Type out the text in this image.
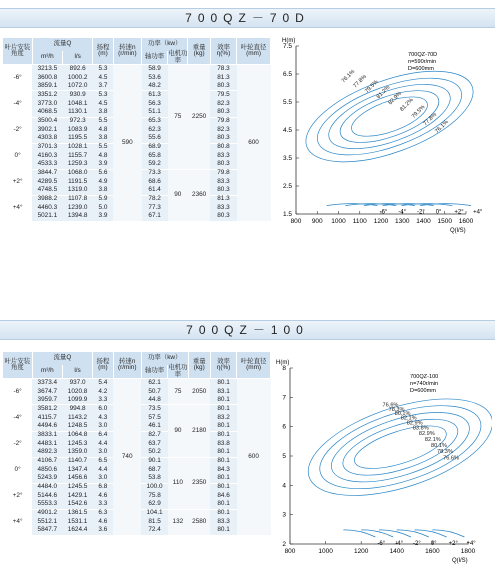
700QZ－70D
叶片安装角度	流量Q		扬程(m)	转速n (r/min)	功率（kw）		重量(kg)	效率η(%)	叶轮直径(mm)
	m³/h	l/s			轴功率	电机功率			
-6°	3213.5	892.6	5.3	590	58.9	75	2250	78.3	600
	3600.8	1000.2	4.5		53.6			81.3	
	3859.1	1072.0	3.7		48.2			80.3	
-4°	3351.2	930.9	5.3		61.3			79.5	
	3773.0	1048.1	4.5		56.3			82.3	
	4068.5	1130.1	3.8		51.1			80.3	
-2°	3500.4	972.3	5.5		65.3			79.8	
	3902.1	1083.9	4.8		62.3			82.3	
	4303.8	1195.5	3.8		55.6			80.3	
0°	3701.3	1028.1	5.5		68.9			80.8	
	4160.3	1155.7	4.8		65.8			83.3	
	4533.3	1259.3	3.9		59.2			80.3	
+2°	3844.7	1068.0	5.6		73.3	90	2360	79.8	
	4289.5	1191.5	4.9		68.6			83.3	
	4748.5	1319.0	3.8		61.4			80.3	
+4°	3988.2	1107.8	5.9		78.2			81.3	
	4460.3	1239.0	5.0		77.3			83.3	
	5021.1	1394.8	3.9		67.1			80.3	
H(m)
Q(l/S)
7.5
6.5
5.5
4.5
3.5
2.5
1.5
800 900 1000 1100 1200 1300 1400 1500 1600
700QZ-70D
n=590r/min
D=600mm
-6° -4° -2° 0° +2° +4°
76.1%
77.8%
79.5%
81.2%
82.9%
81.2%
79.5%
77.8%
76.1%
700QZ－100
叶片安装角度	流量Q		扬程(m)	转速n (r/min)	功率（kw）		重量(kg)	效率η(%)	叶轮直径(mm)
	m³/h	l/s			轴功率	电机功率			
-6°	3373.4	937.0	5.4	740	62.1	75	2050	80.1	600
	3674.7	1020.8	4.2		50.7			83.1	
	3959.7	1099.9	3.3		44.8			80.1	
-4°	3581.2	994.8	6.0		73.5	90	2180	80.1	
	4115.7	1143.2	4.3		57.5			83.2	
	4494.6	1248.5	3.0		46.1			80.1	
-2°	3833.1	1064.8	6.4		82.7			80.1	
	4483.1	1245.3	4.4		63.7			83.8	
	4892.3	1359.0	3.0		50.2			80.1	
0°	4106.7	1140.7	6.5		90.1	110	2350	80.1	
	4850.6	1347.4	4.4		68.7			84.3	
	5243.9	1456.6	3.0		53.8			80.1	
+2°	4484.0	1245.5	6.8		100.0			80.1	
	5144.6	1429.1	4.6		75.8			84.6	
	5553.3	1542.6	3.3		62.9			80.1	
+4°	4901.2	1361.5	6.3		104.1	132	2580	80.1	
	5512.1	1531.1	4.6		81.5			83.3	
	5847.7	1624.4	3.6		72.4			80.1	
H(m)
Q(l/S)
8
7
6
5
4
3
2
800	1000	1200	1400	1600	1800
700QZ-100
n=740r/min
D=600mm
-6° -4° -2° 0° +2° +4°
76.6%
78.3%
80.1%
82.1%
82.9%
83.8%
82.9%
82.1%
80.1%
78.3%
76.6%
